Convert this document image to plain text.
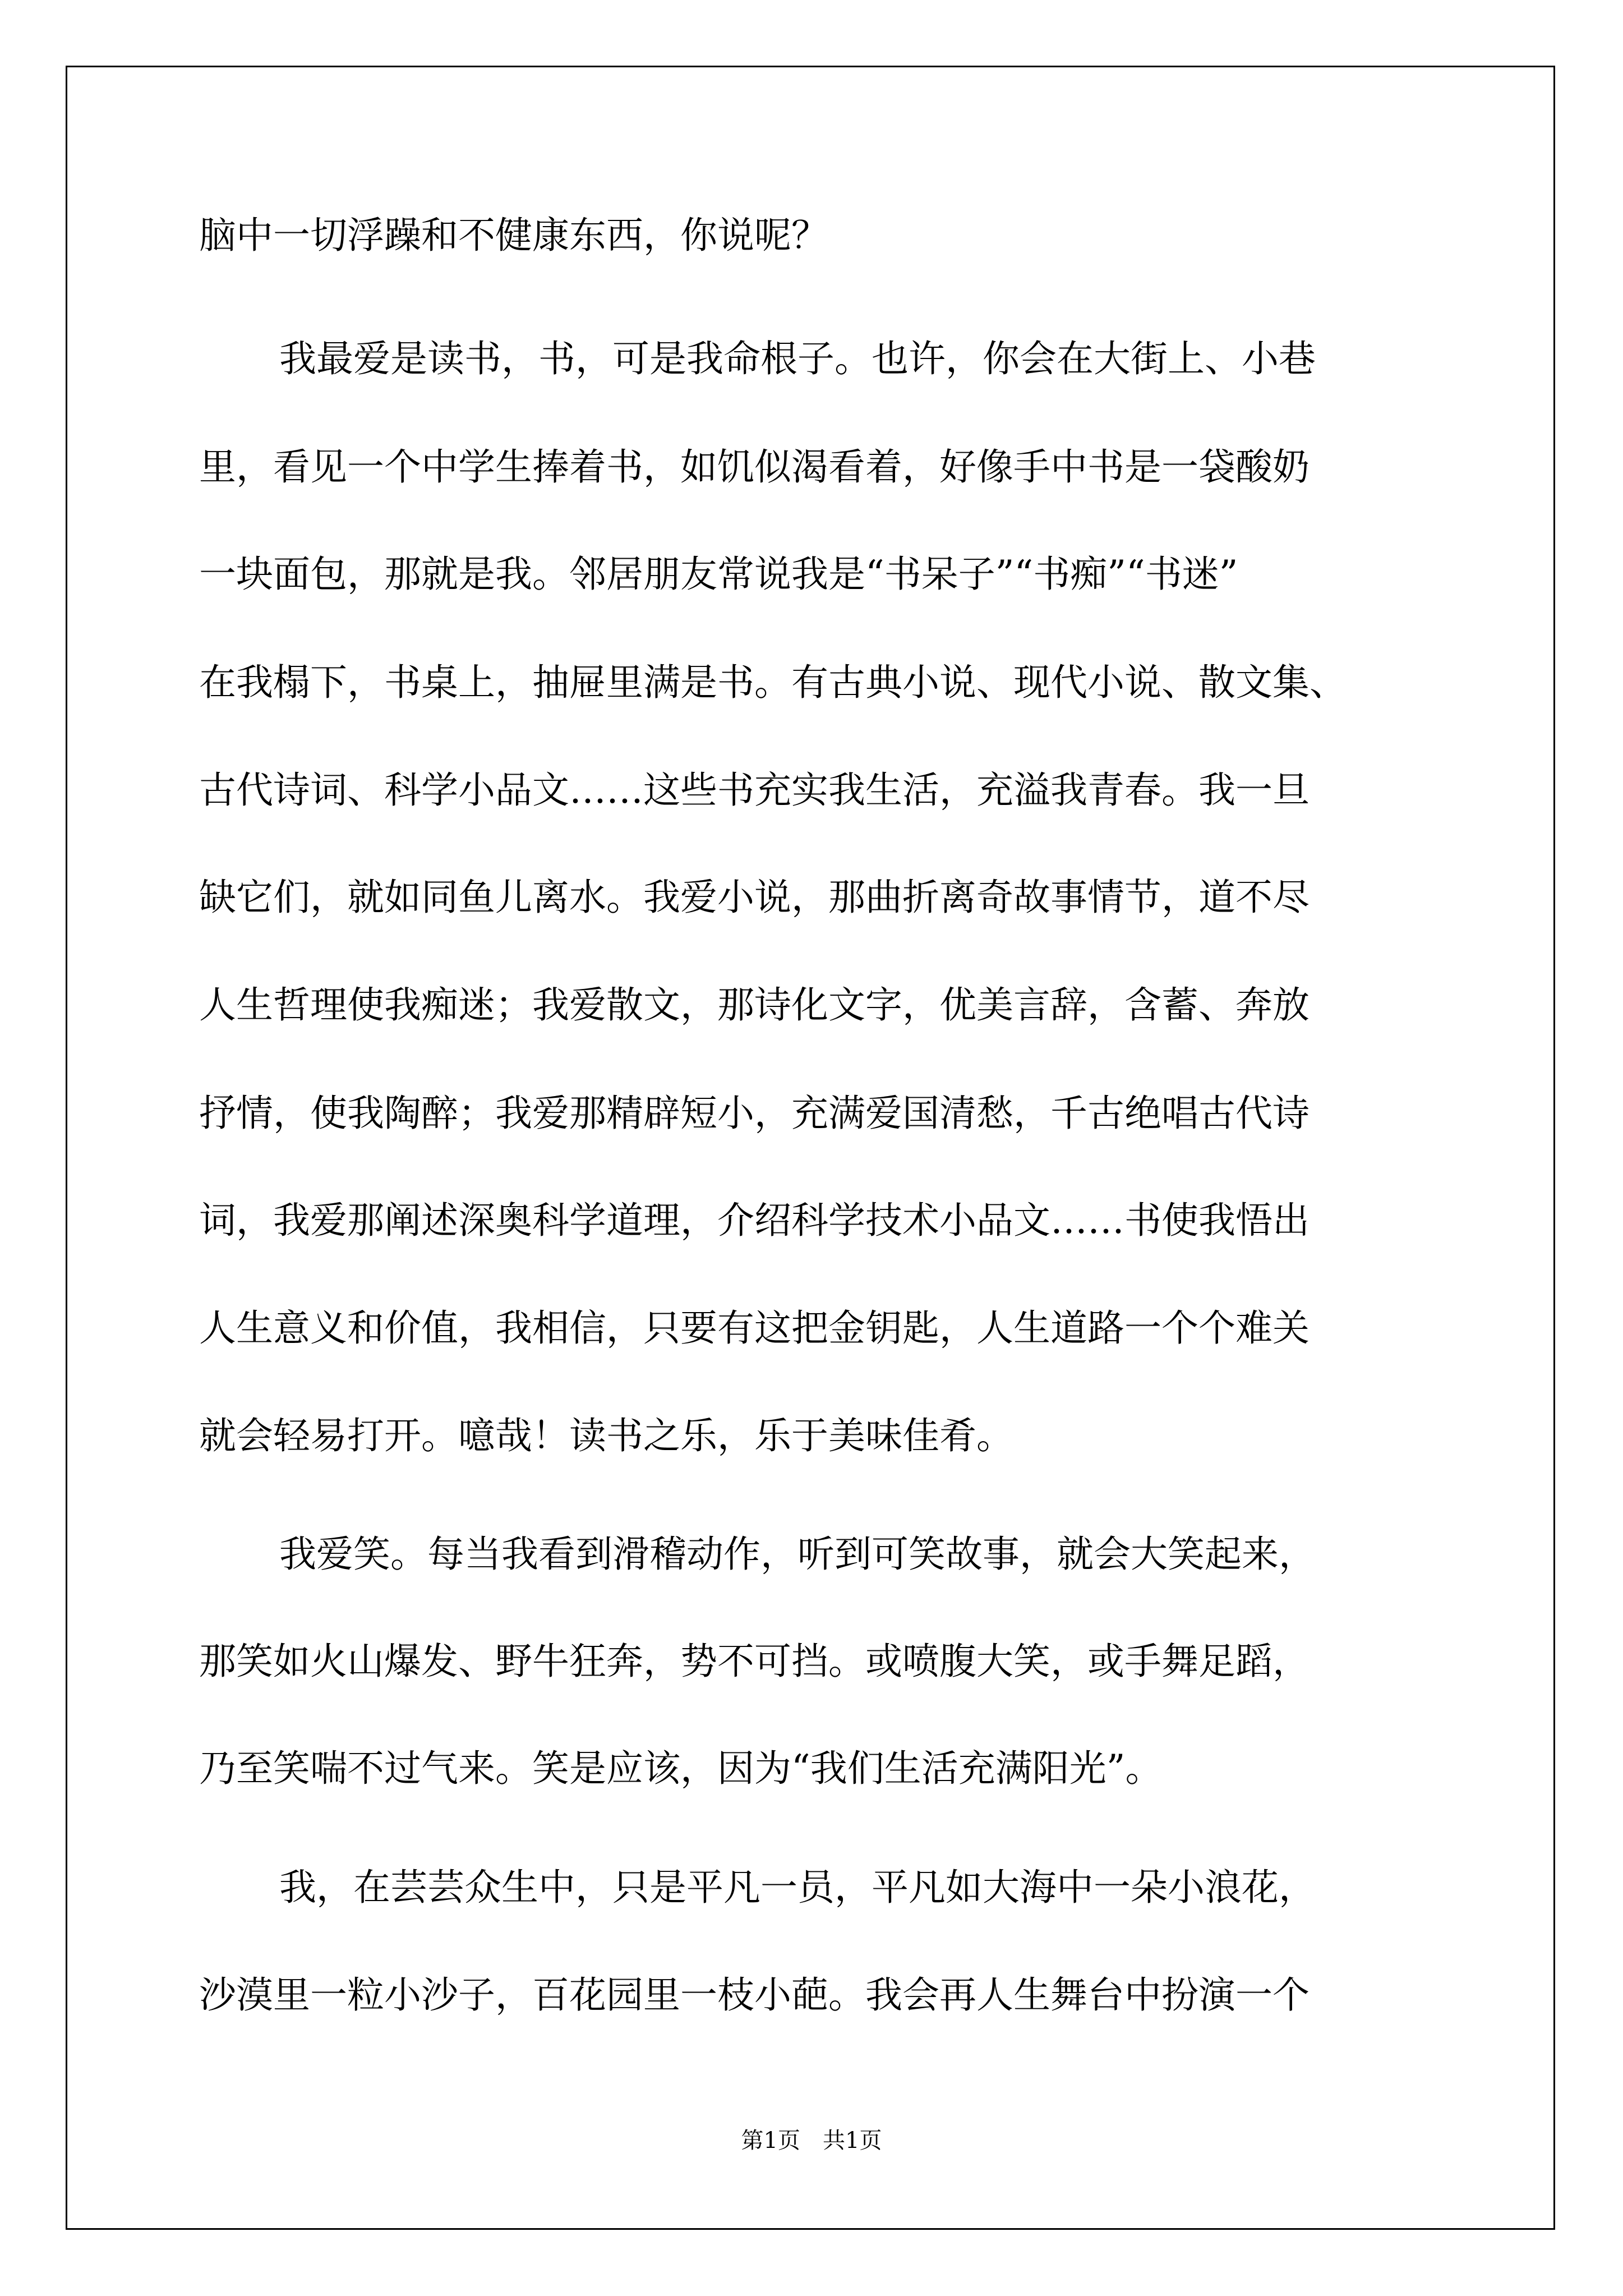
脑中一切浮躁和不健康东西，你说呢？

我最爱是读书，书，可是我命根子。也许，你会在大街上、小巷

里，看见一个中学生捧着书，如饥似渴看着，好像手中书是一袋酸奶

一块面包，那就是我。邻居朋友常说我是“书呆子”“书痴”“书迷”

在我榻下，书桌上，抽屉里满是书。有古典小说、现代小说、散文集、

古代诗词、科学小品文……这些书充实我生活，充溢我青春。我一旦

缺它们，就如同鱼儿离水。我爱小说，那曲折离奇故事情节，道不尽

人生哲理使我痴迷；我爱散文，那诗化文字，优美言辞，含蓄、奔放

抒情，使我陶醉；我爱那精辟短小，充满爱国清愁，千古绝唱古代诗

词，我爱那阐述深奥科学道理，介绍科学技术小品文……书使我悟出

人生意义和价值，我相信，只要有这把金钥匙，人生道路一个个难关

就会轻易打开。噫哉！读书之乐，乐于美味佳肴。

我爱笑。每当我看到滑稽动作，听到可笑故事，就会大笑起来，

那笑如火山爆发、野牛狂奔，势不可挡。或喷腹大笑，或手舞足蹈，

乃至笑喘不过气来。笑是应该，因为“我们生活充满阳光”。

我，在芸芸众生中，只是平凡一员，平凡如大海中一朵小浪花，

沙漠里一粒小沙子，百花园里一枝小葩。我会再人生舞台中扮演一个

第1页　共1页
